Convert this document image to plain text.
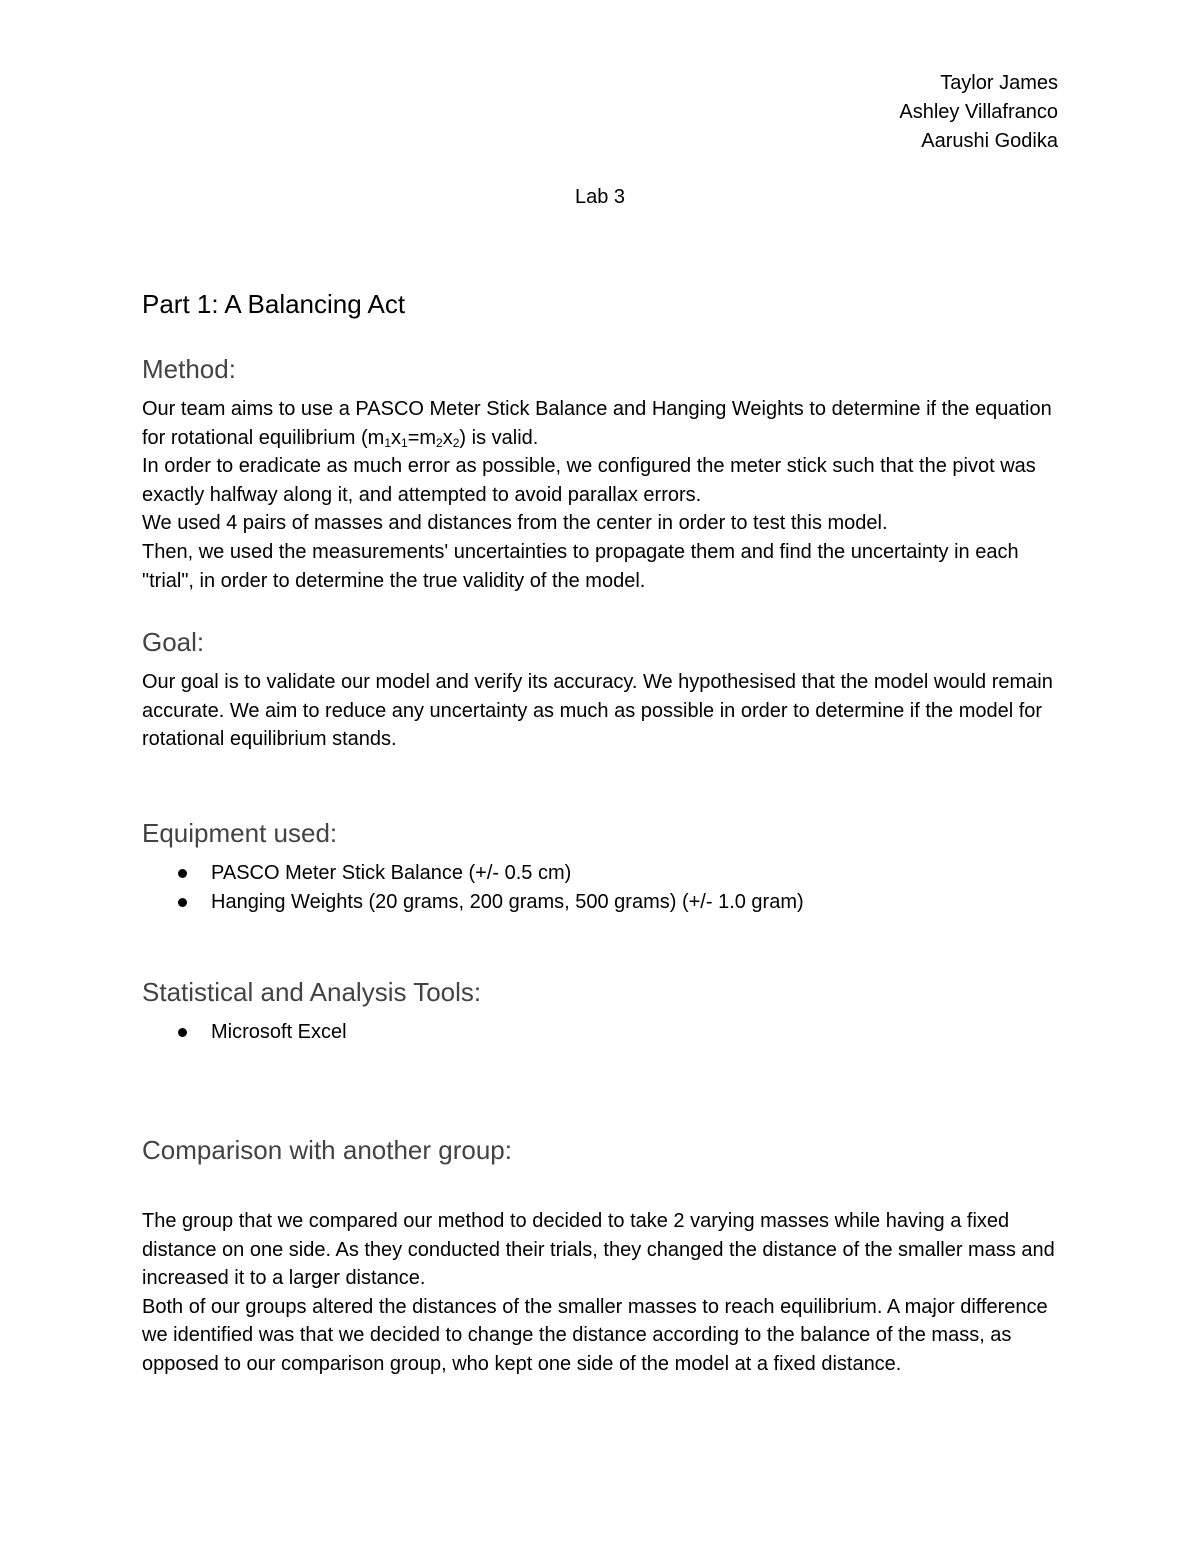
Taylor James
Ashley Villafranco
Aarushi Godika
Lab 3
Part 1: A Balancing Act
Method:

Our team aims to use a PASCO Meter Stick Balance and Hanging Weights to determine if the equation for rotational equilibrium $(m_1x_1=m_2x_2)$ is valid.

In order to eradicate as much error as possible, we configured the meter stick such that the pivot was exactly halfway along it, and attempted to avoid parallax errors.

We used 4 pairs of masses and distances from the center in order to test this model.

Then, we used the measurements' uncertainties to propagate them and find the uncertainty in each "trial", in order to determine the true validity of the model.

Goal:

Our goal is to validate our model and verify its accuracy. We hypothesised that the model would remain accurate. We aim to reduce any uncertainty as much as possible in order to determine if the model for rotational equilibrium stands.

Equipment used:
PASCO Meter Stick Balance (+/- 0.5 cm)
Hanging Weights (20 grams, 200 grams, 500 grams) (+/- 1.0 gram)
Statistical and Analysis Tools:
Microsoft Excel
Comparison with another group:

The group that we compared our method to decided to take 2 varying masses while having a fixed distance on one side. As they conducted their trials, they changed the distance of the smaller mass and increased it to a larger distance.

Both of our groups altered the distances of the smaller masses to reach equilibrium. A major difference we identified was that we decided to change the distance according to the balance of the mass, as opposed to our comparison group, who kept one side of the model at a fixed distance.
